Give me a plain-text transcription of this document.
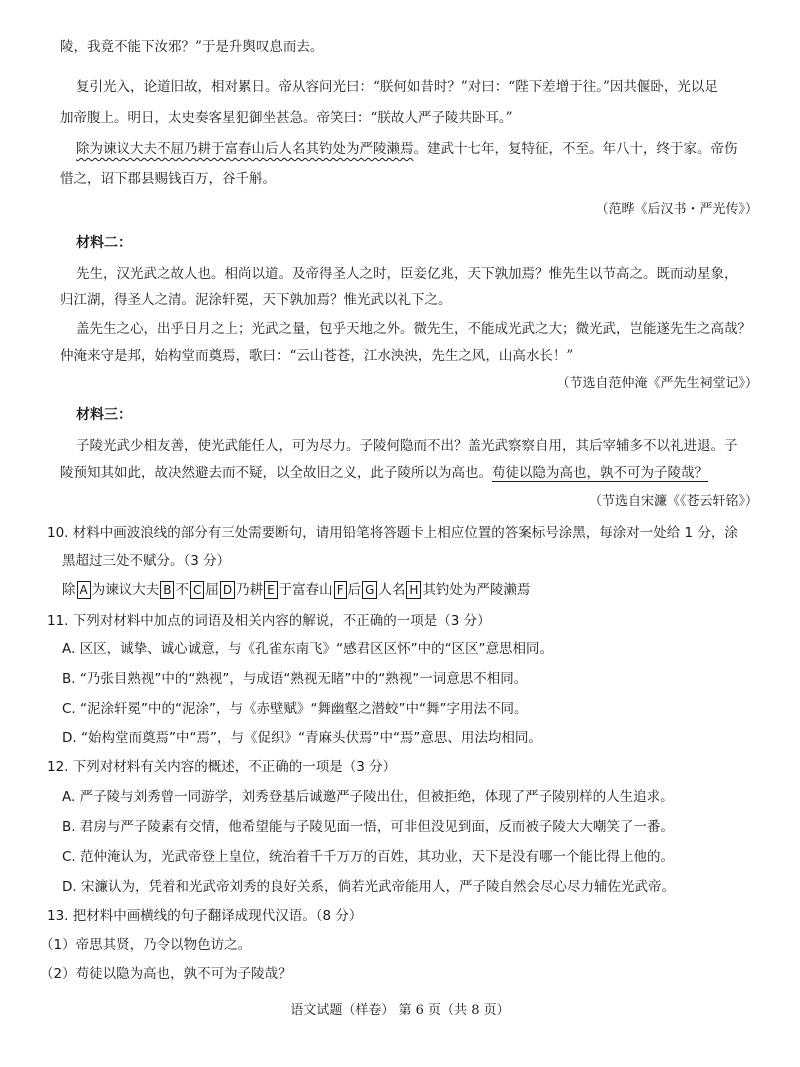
陵，我竟不能下汝邪？”于是升舆叹息而去。
复引光入，论道旧故，相对累日。帝从容问光曰：“朕何如昔时？”对曰：“陛下差增于往。”因共偃卧，光以足
加帝腹上。明日，太史奏客星犯御坐甚急。帝笑曰：“朕故人严子陵共卧耳。”
除为谏议大夫不屈乃耕于富春山后人名其钓处为严陵濑焉。建武十七年，复特征，不至。年八十，终于家。帝伤
惜之，诏下郡县赐钱百万，谷千斛。
（范晔《后汉书・严光传》）
材料二：
先生，汉光武之故人也。相尚以道。及帝得圣人之时，臣妾亿兆，天下孰加焉？惟先生以节高之。既而动星象，
归江湖，得圣人之清。泥涂轩冕，天下孰加焉？惟光武以礼下之。
盖先生之心，出乎日月之上；光武之量，包乎天地之外。微先生，不能成光武之大；微光武，岂能遂先生之高哉？
仲淹来守是邦，始构堂而奠焉，歌曰：“云山苍苍，江水泱泱，先生之风，山高水长！”
（节选自范仲淹《严先生祠堂记》）
材料三：
子陵光武少相友善，使光武能任人，可为尽力。子陵何隐而不出？盖光武察察自用，其后宰辅多不以礼进退。子
陵预知其如此，故决然避去而不疑，以全故旧之义，此子陵所以为高也。苟徒以隐为高也，孰不可为子陵哉？
（节选自宋濂《《苍云轩铭》）
10. 材料中画波浪线的部分有三处需要断句，请用铅笔将答题卡上相应位置的答案标号涂黑，每涂对一处给 1 分，涂
黑超过三处不赋分。（3 分）
除 A 为谏议大夫 B 不 C 屈 D 乃耕 E 于富春山 F 后 G 人名 H 其钓处为严陵濑焉
11. 下列对材料中加点的词语及相关内容的解说，不正确的一项是（3 分）
A. 区区，诚挚、诚心诚意，与《孔雀东南飞》“感君区区怀”中的“区区”意思相同。
B. “乃张目熟视”中的“熟视”，与成语“熟视无睹”中的“熟视”一词意思不相同。
C. “泥涂轩冕”中的“泥涂”，与《赤壁赋》“舞幽壑之潜蛟”中“舞”字用法不同。
D. “始构堂而奠焉”中“焉”，与《促织》“青麻头伏焉”中“焉”意思、用法均相同。
12. 下列对材料有关内容的概述，不正确的一项是（3 分）
A. 严子陵与刘秀曾一同游学，刘秀登基后诚邀严子陵出仕，但被拒绝，体现了严子陵别样的人生追求。
B. 君房与严子陵素有交情，他希望能与子陵见面一悟，可非但没见到面，反而被子陵大大嘲笑了一番。
C. 范仲淹认为，光武帝登上皇位，统治着千千万万的百姓，其功业，天下是没有哪一个能比得上他的。
D. 宋濂认为，凭着和光武帝刘秀的良好关系，倘若光武帝能用人，严子陵自然会尽心尽力辅佐光武帝。
13. 把材料中画横线的句子翻译成现代汉语。（8 分）
（1）帝思其贤，乃令以物色访之。
（2）苟徒以隐为高也，孰不可为子陵哉？
语文试题（样卷） 第 6 页（共 8 页）
